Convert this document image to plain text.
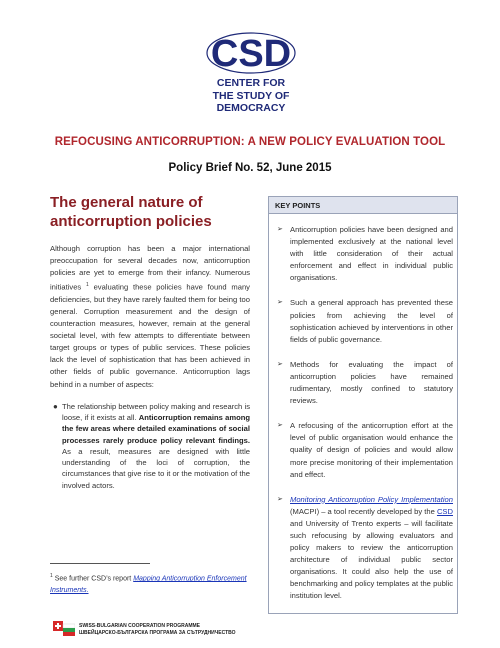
CSD
CENTER FOR
THE STUDY OF
DEMOCRACY
REFOCUSING ANTICORRUPTION: A NEW POLICY EVALUATION TOOL
Policy Brief No. 52, June 2015
The general nature of
anticorruption policies

Although corruption has been a major international preoccupation for several decades now, anticorruption policies are yet to emerge from their infancy. Numerous initiatives $^1$ evaluating these policies have found many deficiencies, but they have rarely faulted them for being too general. Corruption measurement and the design of counteraction measures, however, remain at the general societal level, with few attempts to differentiate between target groups or types of public services. These policies lack the level of sophistication that has been achieved in other fields of public governance. Anticorruption lags behind in a number of aspects:

● The relationship between policy making and research is loose, if it exists at all. Anticorruption remains among the few areas where detailed examinations of social processes rarely produce policy relevant findings. As a result, measures are designed with little understanding of the loci of corruption, the circumstances that give rise to it or the motivation of the involved actors.
$^1$ See further CSD’s report Mapping Anticorruption Enforcement Instruments.
KEY POINTS
➢ Anticorruption policies have been designed and implemented exclusively at the national level with little consideration of their actual enforcement and effect in individual public organisations.
➢ Such a general approach has prevented these policies from achieving the level of sophistication achieved by interventions in other fields of public governance.
➢ Methods for evaluating the impact of anticorruption policies have remained rudimentary, mostly confined to statutory reviews.
➢ A refocusing of the anticorruption effort at the level of public organisation would enhance the quality of design of policies and would allow more precise monitoring of their implementation and effect.
➢ Monitoring Anticorruption Policy Implementation (MACPI) – a tool recently developed by the CSD and University of Trento experts – will facilitate such refocusing by allowing evaluators and policy makers to review the anticorruption architecture of individual public sector organisations. It could also help the use of benchmarking and policy templates at the public institution level.
SWISS-BULGARIAN COOPERATION PROGRAMME
ШВЕЙЦАРСКО-БЪЛГАРСКА ПРОГРАМА ЗА СЪТРУДНИЧЕСТВО
